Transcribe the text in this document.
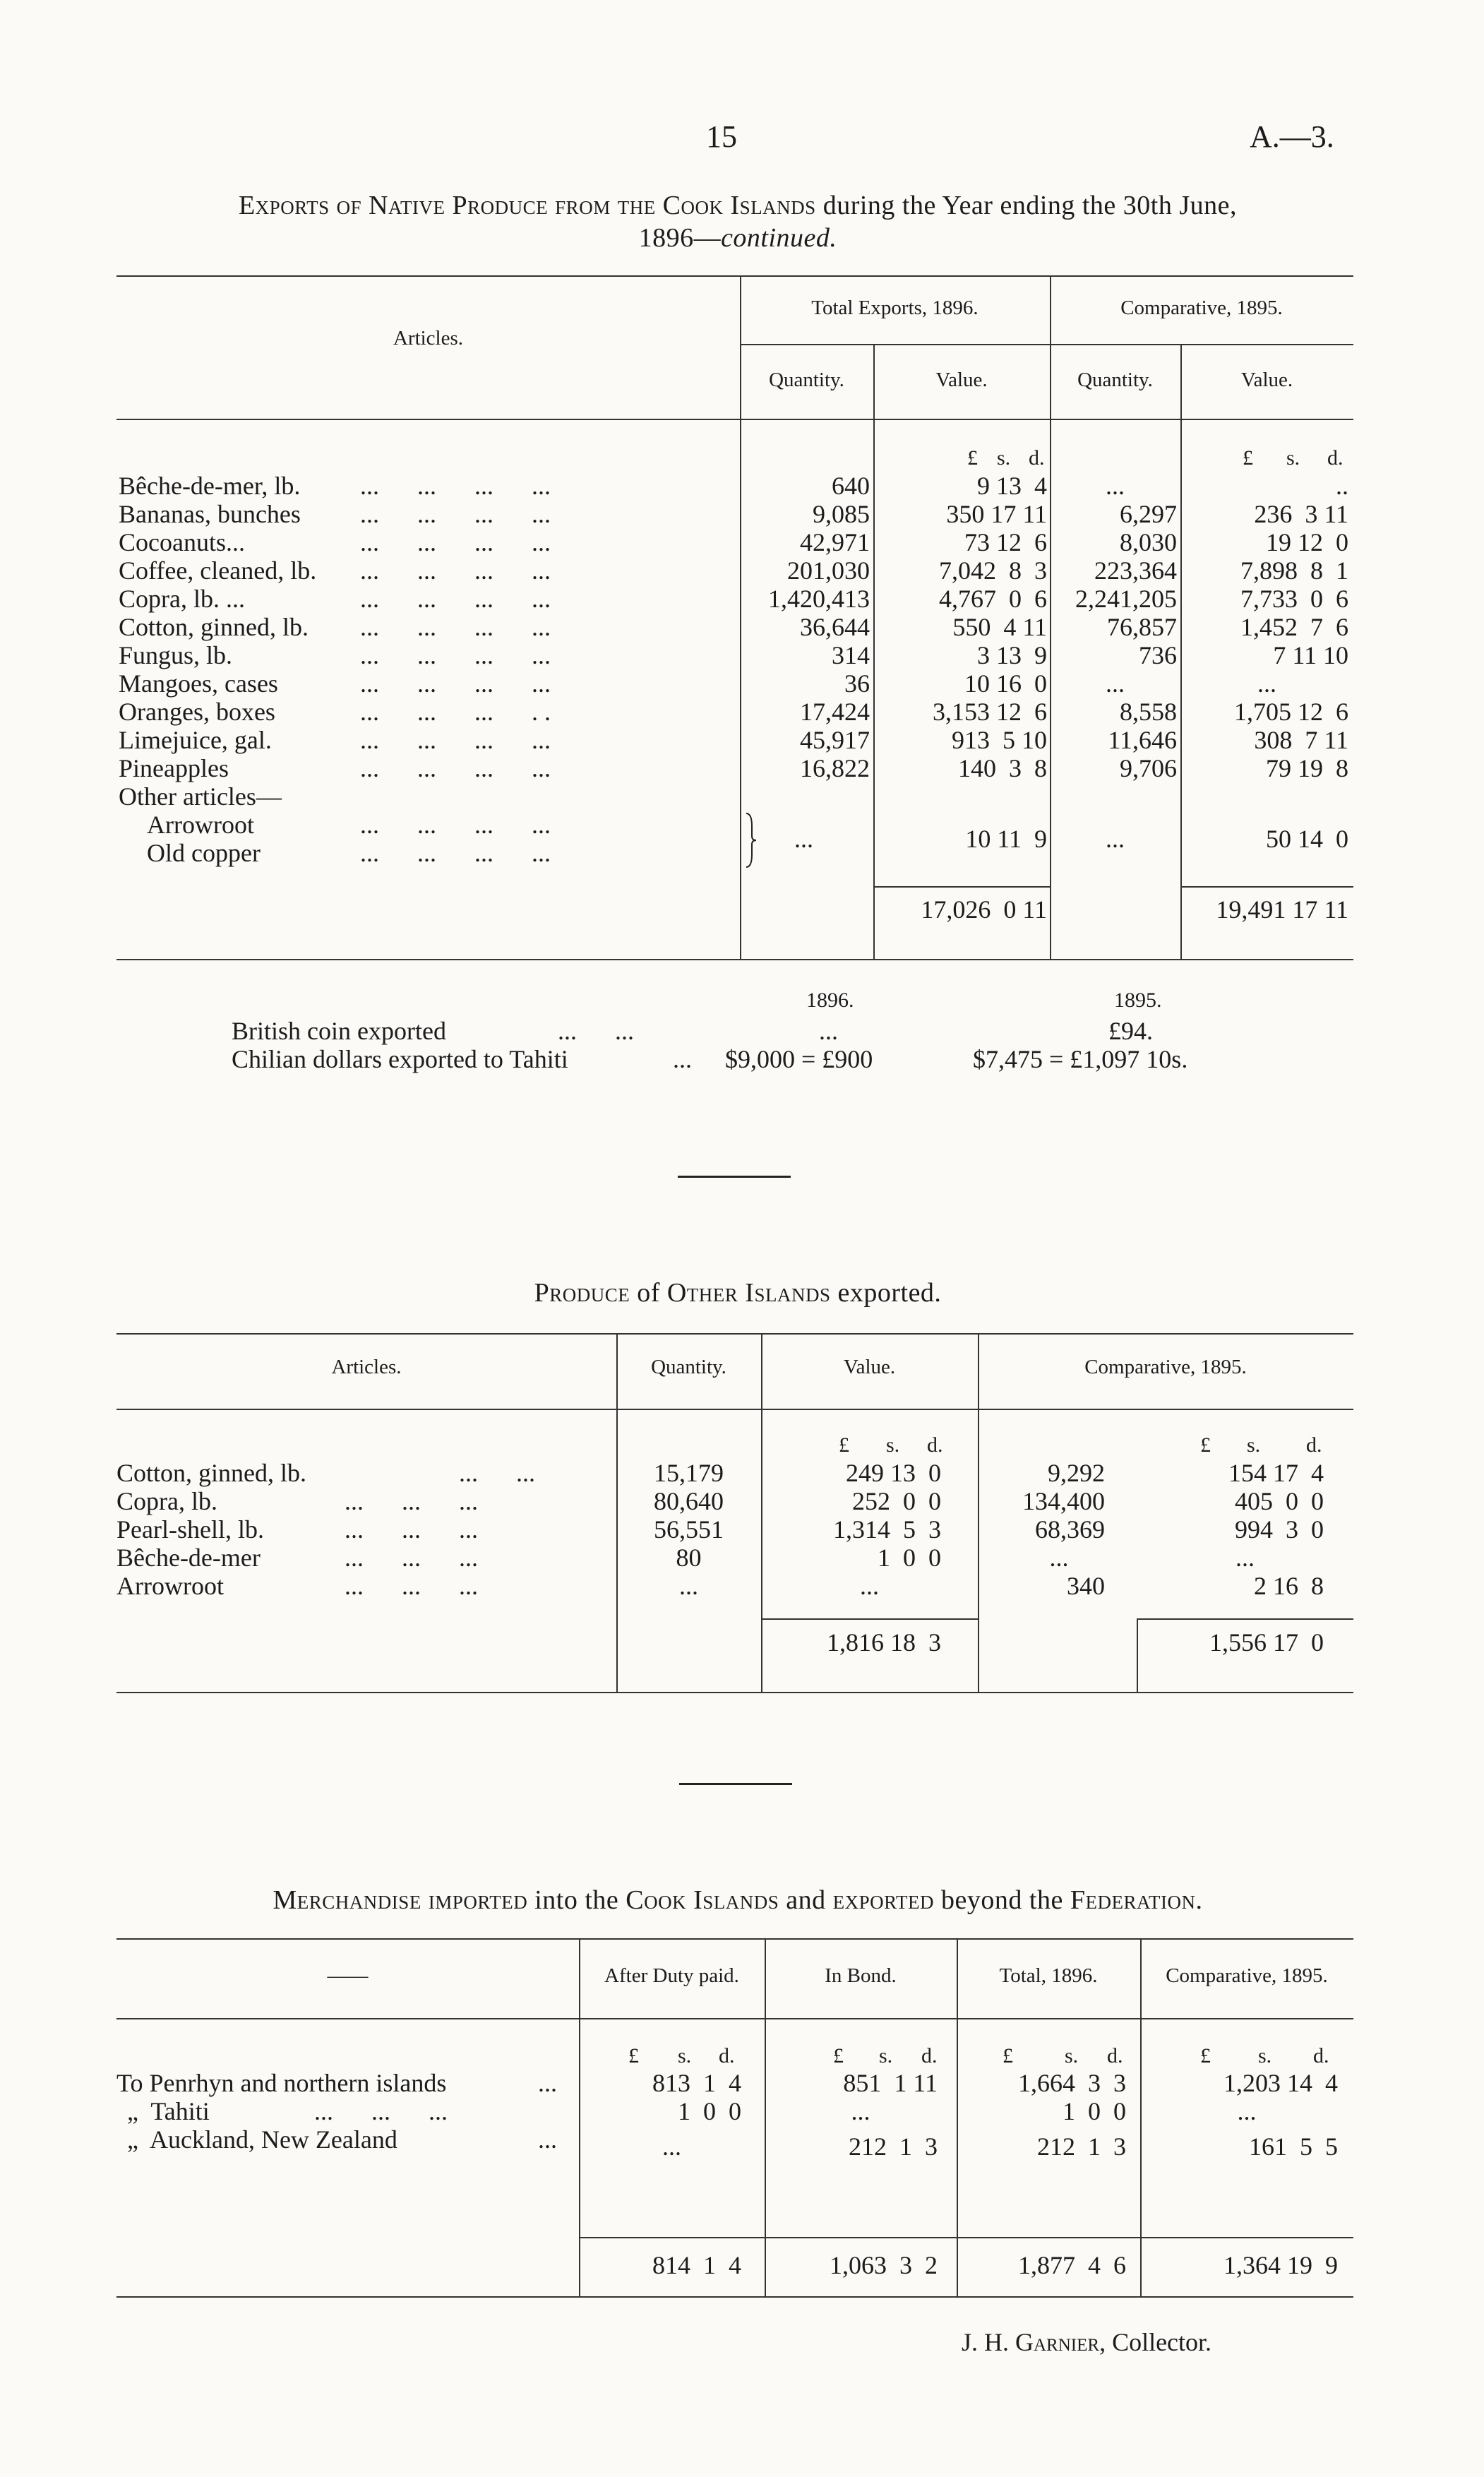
15	A.—3.
Exports of Native Produce from the Cook Islands during the Year ending the 30th June,
1896—continued.
Articles.
Total Exports, 1896.	Comparative, 1895.
Quantity.	Value.	Quantity.	Value.
£ s. d.	£ s. d.
Bêche-de-mer, lb. ...      ...      ...      ...	640	9 13  4	...	..
Bananas, bunches ...      ...      ...      ...	9,085	350 17 11	6,297	236  3 11
Cocoanuts...	...      ...      ...      ...	42,971	73 12  6	8,030	19 12  0
Coffee, cleaned, lb. ...      ...      ...      ...	201,030	7,042  8  3	223,364	7,898  8  1
Copra, lb. ...	...      ...      ...      ...	1,420,413	4,767  0  6	2,241,205	7,733  0  6
Cotton, ginned, lb. ...      ...      ...      ...	36,644	550  4 11	76,857	1,452  7  6
Fungus, lb.	...      ...      ...      ...	314	3 13  9	736	7 11 10
Mangoes, cases	...      ...      ...      ...	36	10 16  0	...	...
Oranges, boxes	...      ...      ...      . .	17,424	3,153 12  6	8,558	1,705 12  6
Limejuice, gal.	...      ...      ...      ...	45,917	913  5 10	11,646	308  7 11
Pineapples	...      ...      ...      ...	16,822	140  3  8	9,706	79 19  8
Other articles—
Arrowroot	...      ...      ...      ...
Old copper	...      ...      ...      ...	...	10 11  9	...	50 14  0
17,026  0 11	19,491 17 11
1896.	1895.
British coin exported	...      ...	...	£94.
Chilian dollars exported to Tahiti	... $9,000 = £900	$7,475 = £1,097 10s.
Produce of Other Islands exported.
Articles.	Quantity.	Value.	Comparative, 1895.
£ s. d.	£ s. d.
Cotton, ginned, lb.	...      ...	15,179	249 13  0	9,292	154 17  4
Copra, lb.	...      ...      ...	80,640	252  0  0	134,400	405  0  0
Pearl-shell, lb.	...      ...      ...	56,551	1,314  5  3	68,369	994  3  0
Bêche-de-mer	...      ...      ...	80	1  0  0	...	...
Arrowroot	...      ...      ...	...	...	340	2 16  8
1,816 18  3	1,556 17  0
Merchandise imported into the Cook Islands and exported beyond the Federation.
——	After Duty paid.	In Bond.	Total, 1896.	Comparative, 1895.
£ s. d.	£ s. d.	£ s. d.	£ s. d.
To Penrhyn and northern islands	...	813  1  4	851  1 11	1,664  3  3	1,203 14  4
„  Tahiti	...      ...      ...	1  0  0	...	1  0  0	...
„  Auckland, New Zealand	...	...	212  1  3	212  1  3	161  5  5
814  1  4	1,063  3  2	1,877  4  6	1,364 19  9
J. H. Garnier, Collector.
